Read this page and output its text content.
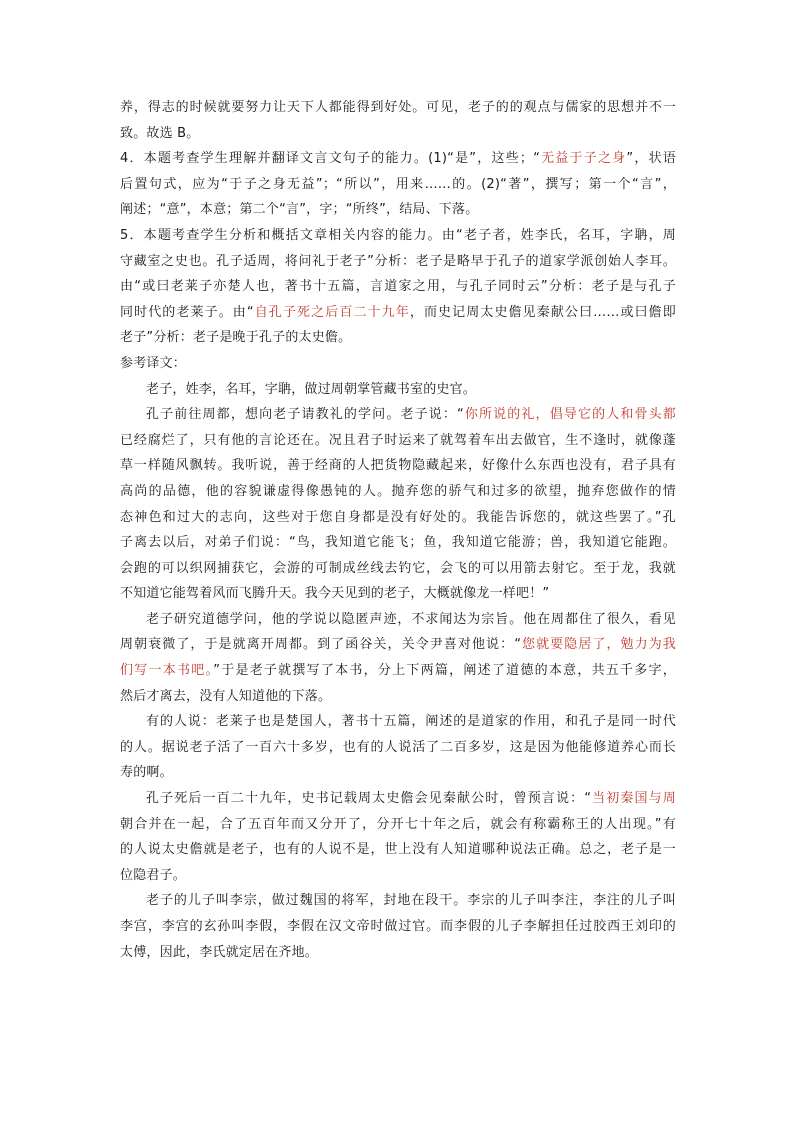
养，得志的时候就要努力让天下人都能得到好处。可见，老子的的观点与儒家的思想并不一
致。故选 B。
4．本题考查学生理解并翻译文言文句子的能力。(1)“是”，这些；“无益于子之身”，状语
后置句式，应为“于子之身无益”；“所以”，用来……的。(2)“著”，撰写；第一个“言”，
阐述；“意”，本意；第二个“言”，字；“所终”，结局、下落。
5．本题考查学生分析和概括文章相关内容的能力。由“老子者，姓李氏，名耳，字聃，周
守藏室之史也。孔子适周，将问礼于老子”分析：老子是略早于孔子的道家学派创始人李耳。
由“或曰老莱子亦楚人也，著书十五篇，言道家之用，与孔子同时云”分析：老子是与孔子
同时代的老莱子。由“自孔子死之后百二十九年，而史记周太史儋见秦献公曰……或曰儋即
老子”分析：老子是晚于孔子的太史儋。
参考译文：
老子，姓李，名耳，字聃，做过周朝掌管藏书室的史官。
孔子前往周都，想向老子请教礼的学问。老子说：“你所说的礼，倡导它的人和骨头都
已经腐烂了，只有他的言论还在。况且君子时运来了就驾着车出去做官，生不逢时，就像蓬
草一样随风飘转。我听说，善于经商的人把货物隐藏起来，好像什么东西也没有，君子具有
高尚的品德，他的容貌谦虚得像愚钝的人。抛弃您的骄气和过多的欲望，抛弃您做作的情
态神色和过大的志向，这些对于您自身都是没有好处的。我能告诉您的，就这些罢了。”孔
子离去以后，对弟子们说：“鸟，我知道它能飞；鱼，我知道它能游；兽，我知道它能跑。
会跑的可以织网捕获它，会游的可制成丝线去钓它，会飞的可以用箭去射它。至于龙，我就
不知道它能驾着风而飞腾升天。我今天见到的老子，大概就像龙一样吧！”
老子研究道德学问，他的学说以隐匿声迹，不求闻达为宗旨。他在周都住了很久，看见
周朝衰微了，于是就离开周都。到了函谷关，关令尹喜对他说：“您就要隐居了，勉力为我
们写一本书吧。”于是老子就撰写了本书，分上下两篇，阐述了道德的本意，共五千多字，
然后才离去，没有人知道他的下落。
有的人说：老莱子也是楚国人，著书十五篇，阐述的是道家的作用，和孔子是同一时代
的人。据说老子活了一百六十多岁，也有的人说活了二百多岁，这是因为他能修道养心而长
寿的啊。
孔子死后一百二十九年，史书记载周太史儋会见秦献公时，曾预言说：“当初秦国与周
朝合并在一起，合了五百年而又分开了，分开七十年之后，就会有称霸称王的人出现。”有
的人说太史儋就是老子，也有的人说不是，世上没有人知道哪种说法正确。总之，老子是一
位隐君子。
老子的儿子叫李宗，做过魏国的将军，封地在段干。李宗的儿子叫李注，李注的儿子叫
李宫，李宫的玄孙叫李假，李假在汉文帝时做过官。而李假的儿子李解担任过胶西王刘印的
太傅，因此，李氏就定居在齐地。
